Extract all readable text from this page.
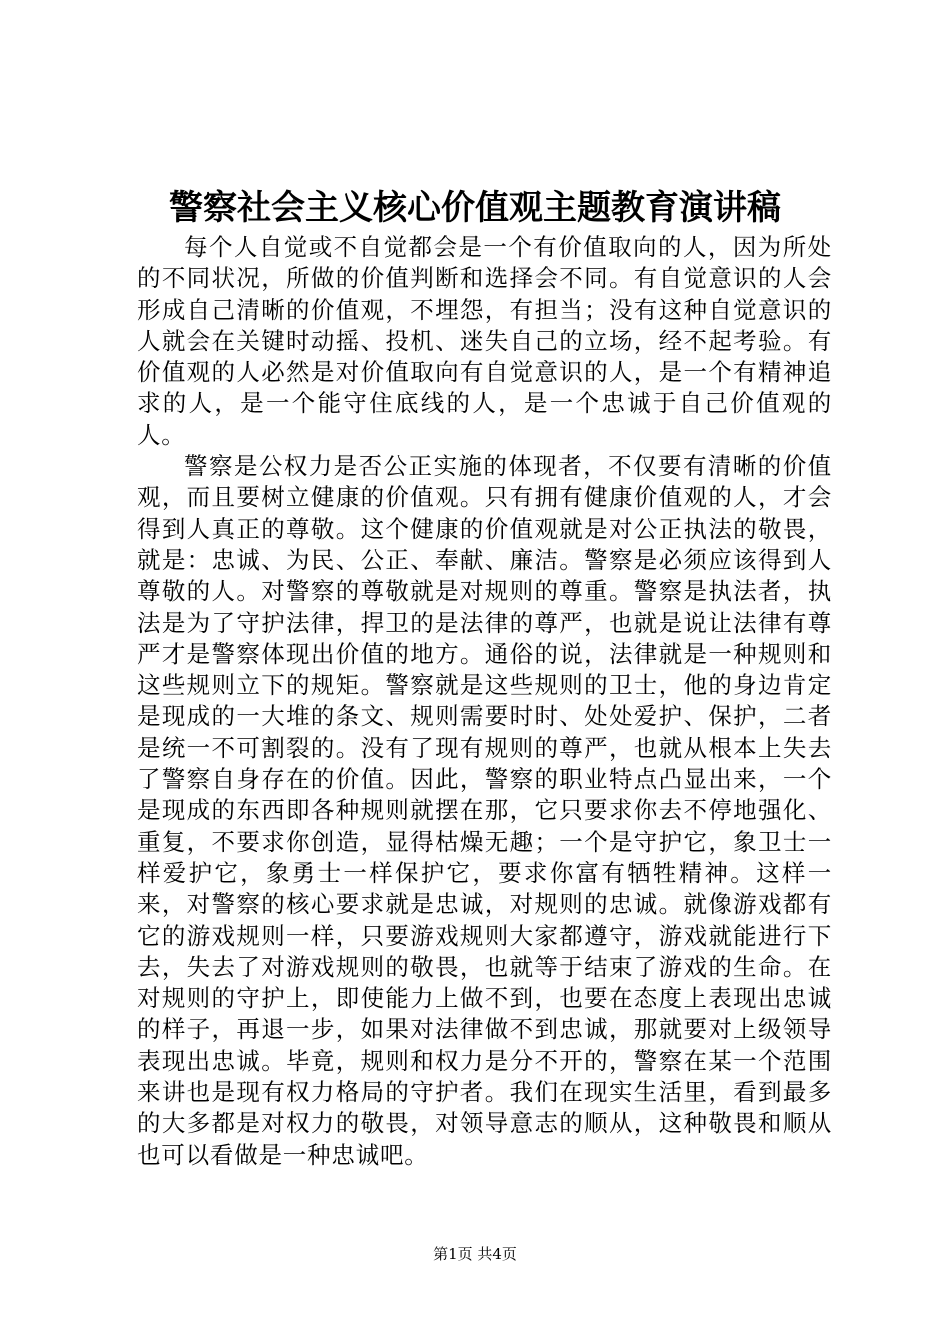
警察社会主义核心价值观主题教育演讲稿

每个人自觉或不自觉都会是一个有价值取向的人，因为所处的不同状况，所做的价值判断和选择会不同。有自觉意识的人会形成自己清晰的价值观，不埋怨，有担当；没有这种自觉意识的人就会在关键时动摇、投机、迷失自己的立场，经不起考验。有价值观的人必然是对价值取向有自觉意识的人，是一个有精神追求的人，是一个能守住底线的人，是一个忠诚于自己价值观的人。

警察是公权力是否公正实施的体现者，不仅要有清晰的价值观，而且要树立健康的价值观。只有拥有健康价值观的人，才会得到人真正的尊敬。这个健康的价值观就是对公正执法的敬畏，就是：忠诚、为民、公正、奉献、廉洁。警察是必须应该得到人尊敬的人。对警察的尊敬就是对规则的尊重。警察是执法者，执法是为了守护法律，捍卫的是法律的尊严，也就是说让法律有尊严才是警察体现出价值的地方。通俗的说，法律就是一种规则和这些规则立下的规矩。警察就是这些规则的卫士，他的身边肯定是现成的一大堆的条文、规则需要时时、处处爱护、保护，二者是统一不可割裂的。没有了现有规则的尊严，也就从根本上失去了警察自身存在的价值。因此，警察的职业特点凸显出来，一个是现成的东西即各种规则就摆在那，它只要求你去不停地强化、重复，不要求你创造，显得枯燥无趣；一个是守护它，象卫士一样爱护它，象勇士一样保护它，要求你富有牺牲精神。这样一来，对警察的核心要求就是忠诚，对规则的忠诚。就像游戏都有它的游戏规则一样，只要游戏规则大家都遵守，游戏就能进行下去，失去了对游戏规则的敬畏，也就等于结束了游戏的生命。在对规则的守护上，即使能力上做不到，也要在态度上表现出忠诚的样子，再退一步，如果对法律做不到忠诚，那就要对上级领导表现出忠诚。毕竟，规则和权力是分不开的，警察在某一个范围来讲也是现有权力格局的守护者。我们在现实生活里，看到最多的大多都是对权力的敬畏，对领导意志的顺从，这种敬畏和顺从也可以看做是一种忠诚吧。

第1页 共4页
